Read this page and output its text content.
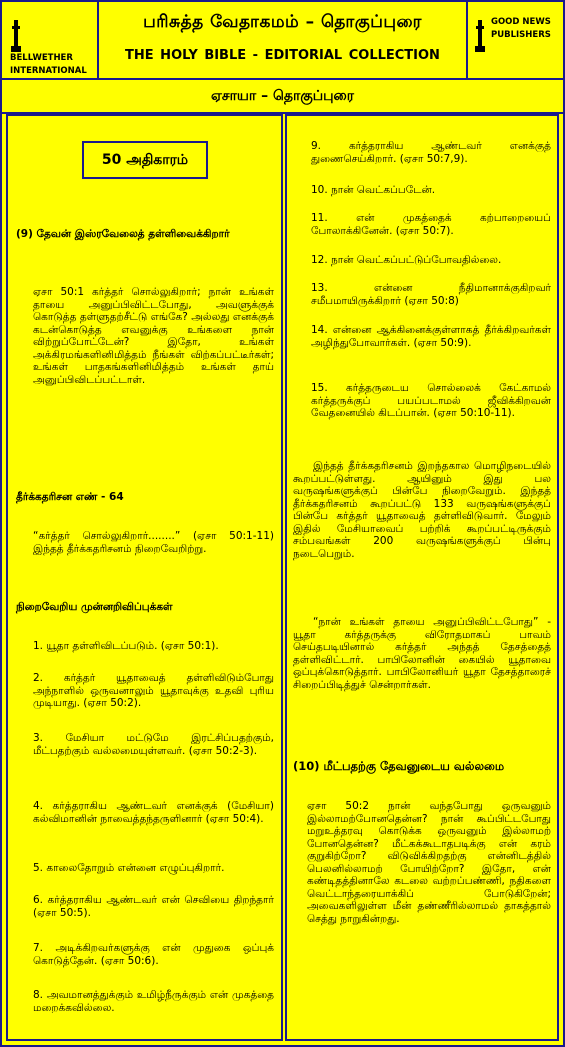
BELLWETHER
INTERNATIONAL
பரிசுத்த வேதாகமம் – தொகுப்புரை
THE HOLY BIBLE - EDITORIAL COLLECTION
GOOD NEWS
PUBLISHERS
ஏசாயா – தொகுப்புரை
50 அதிகாரம்
(9) தேவன் இஸ்ரவேலைத் தள்ளிவைக்கிறார்
ஏசா 50:1 கர்த்தர் சொல்லுகிறார்; நான் உங்கள் தாயை அனுப்பிவிட்டபோது, அவளுக்குக் கொடுத்த தள்ளுதற்சீட்டு எங்கே? அல்லது எனக்குக் கடன்கொடுத்த எவனுக்கு உங்களை நான் விற்றுப்போட்டேன்? இதோ, உங்கள் அக்கிரமங்களினிமித்தம் நீங்கள் விற்கப்பட்டீர்கள்; உங்கள் பாதகங்களினிமித்தம் உங்கள் தாய் அனுப்பிவிடப்பட்டாள்.
தீர்க்கதரிசன எண் - 64
“கர்த்தர் சொல்லுகிறார்........” (ஏசா 50:1-11) இந்தத் தீர்க்கதரிசனம் நிறைவேறிற்று.
நிறைவேறிய முன்னறிவிப்புக்கள்
1. யூதா தள்ளிவிடப்படும். (ஏசா 50:1).
2. கர்த்தர் யூதாவைத் தள்ளிவிடும்போது அந்நாளில் ஒருவனாலும் யூதாவுக்கு உதவி புரிய முடியாது. (ஏசா 50:2).
3. மேசியா மட்டுமே இரட்சிப்பதற்கும், மீட்பதற்கும் வல்லமையுள்ளவர். (ஏசா 50:2-3).
4. கர்த்தராகிய ஆண்டவர் எனக்குக் (மேசியா) கல்விமானின் நாவைத்தந்தருளினார் (ஏசா 50:4).
5. காலைதோறும் என்னை எழுப்புகிறார்.
6. கர்த்தராகிய ஆண்டவர் என் செவியை திறந்தார் (ஏசா 50:5).
7. அடிக்கிறவர்களுக்கு என் முதுகை ஒப்புக் கொடுத்தேன். (ஏசா 50:6).
8. அவமானத்துக்கும் உமிழ்நீருக்கும் என் முகத்தை மறைக்கவில்லை.
9. கர்த்தராகிய ஆண்டவர் எனக்குத் துணைசெய்கிறார். (ஏசா 50:7,9).
10. நான் வெட்கப்படேன்.
11. என் முகத்தைக் கற்பாறையைப் போலாக்கினேன். (ஏசா 50:7).
12. நான் வெட்கப்பட்டுப்போவதில்லை.
13. என்னை நீதிமானாக்குகிறவர் சமீபமாயிருக்கிறார் (ஏசா 50:8)
14. என்னை ஆக்கினைக்குள்ளாகத் தீர்க்கிறவர்கள் அழிந்துபோவார்கள். (ஏசா 50:9).
15. கர்த்தருடைய சொல்லைக் கேட்காமல் கர்த்தருக்குப் பயப்படாமல் ஜீவிக்கிறவன் வேதனையில் கிடப்பான். (ஏசா 50:10-11).
இந்தத் தீர்க்கதரிசனம் இறந்தகால மொழிநடையில் கூறப்பட்டுள்ளது. ஆயினும் இது பல வருஷங்களுக்குப் பின்பே நிறைவேறும். இந்தத் தீர்க்கதரிசனம் கூறப்பட்டு 133 வருஷங்களுக்குப் பின்பே கர்த்தர் யூதாவைத் தள்ளிவிடுவார். மேலும் இதில் மேசியாவைப் பற்றிக் கூறப்பட்டிருக்கும் சம்பவங்கள் 200 வருஷங்களுக்குப் பின்பு நடைபெறும்.
“நான் உங்கள் தாயை அனுப்பிவிட்டபோது” - யூதா கர்த்தருக்கு விரோதமாகப் பாவம் செய்தபடியினால் கர்த்தர் அந்தத் தேசத்தைத் தள்ளிவிட்டார். பாபிலோனின் கையில் யூதாவை ஒப்புக்கொடுத்தார். பாபிலோனியர் யூதா தேசத்தாரைச் சிறைப்பிடித்துச் சென்றார்கள்.
(10) மீட்பதற்கு தேவனுடைய வல்லமை
ஏசா 50:2 நான் வந்தபோது ஒருவனும் இல்லாமற்போனதென்ன? நான் கூப்பிட்டபோது மறுஉத்தரவு கொடுக்க ஒருவனும் இல்லாமற் போனதென்ன? மீட்கக்கூடாதபடிக்கு என் கரம் குறுகிற்றோ? விடுவிக்கிறதற்கு என்னிடத்தில் பெலனில்லாமற் போயிற்றோ? இதோ, என் கண்டிதத்தினாலே கடலை வற்றப்பண்ணி, நதிகளை வெட்டாந்தரையாக்கிப் போடுகிறேன்; அவைகளிலுள்ள மீன் தண்ணீரில்லாமல் தாகத்தால் செத்து நாறுகின்றது.
